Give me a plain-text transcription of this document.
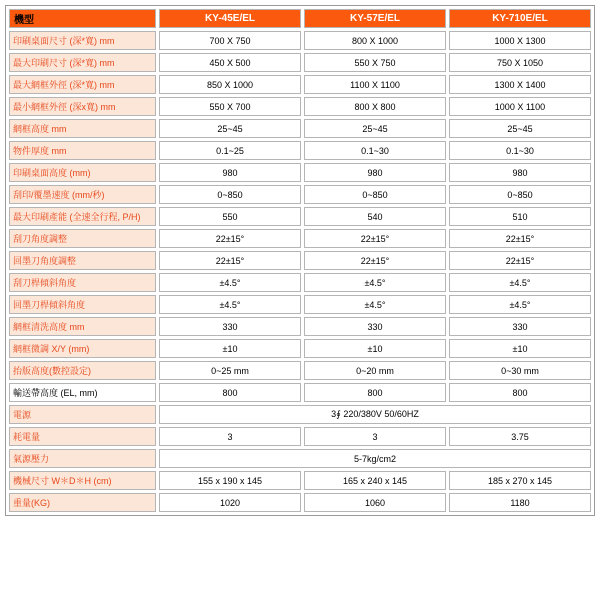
機型	KY-45E/EL	KY-57E/EL	KY-710E/EL
印刷桌面尺寸 (深*寬) mm	700 X 750	800 X 1000	1000 X 1300
最大印刷尺寸 (深*寬) mm	450 X 500	550 X 750	750 X 1050
最大網框外徑 (深*寬) mm	850 X 1000	1100 X 1100	1300 X 1400
最小網框外徑 (深x寬) mm	550 X 700	800 X 800	1000 X 1100
網框高度 mm	25~45	25~45	25~45
物件厚度 mm	0.1~25	0.1~30	0.1~30
印刷桌面高度 (mm)	980	980	980
刮印/覆墨速度 (mm/秒)	0~850	0~850	0~850
最大印刷產能 (全速全行程, P/H)	550	540	510
刮刀角度調整	22±15°	22±15°	22±15°
回墨刀角度調整	22±15°	22±15°	22±15°
刮刀桿傾斜角度	±4.5°	±4.5°	±4.5°
回墨刀桿傾斜角度	±4.5°	±4.5°	±4.5°
網框清洗高度 mm	330	330	330
網框微調 X/Y (mm)	±10	±10	±10
抬版高度(數控設定)	0~25 mm	0~20 mm	0~30 mm
輸送帶高度 (EL, mm)	800	800	800
電源	3∮ 220/380V 50/60HZ		
耗電量	3	3	3.75
氣源壓力	5-7kg/cm2		
機械尺寸 W＊D＊H (cm)	155 x 190 x 145	165 x 240 x 145	185 x 270 x 145
重量(KG)	1020	1060	1180
